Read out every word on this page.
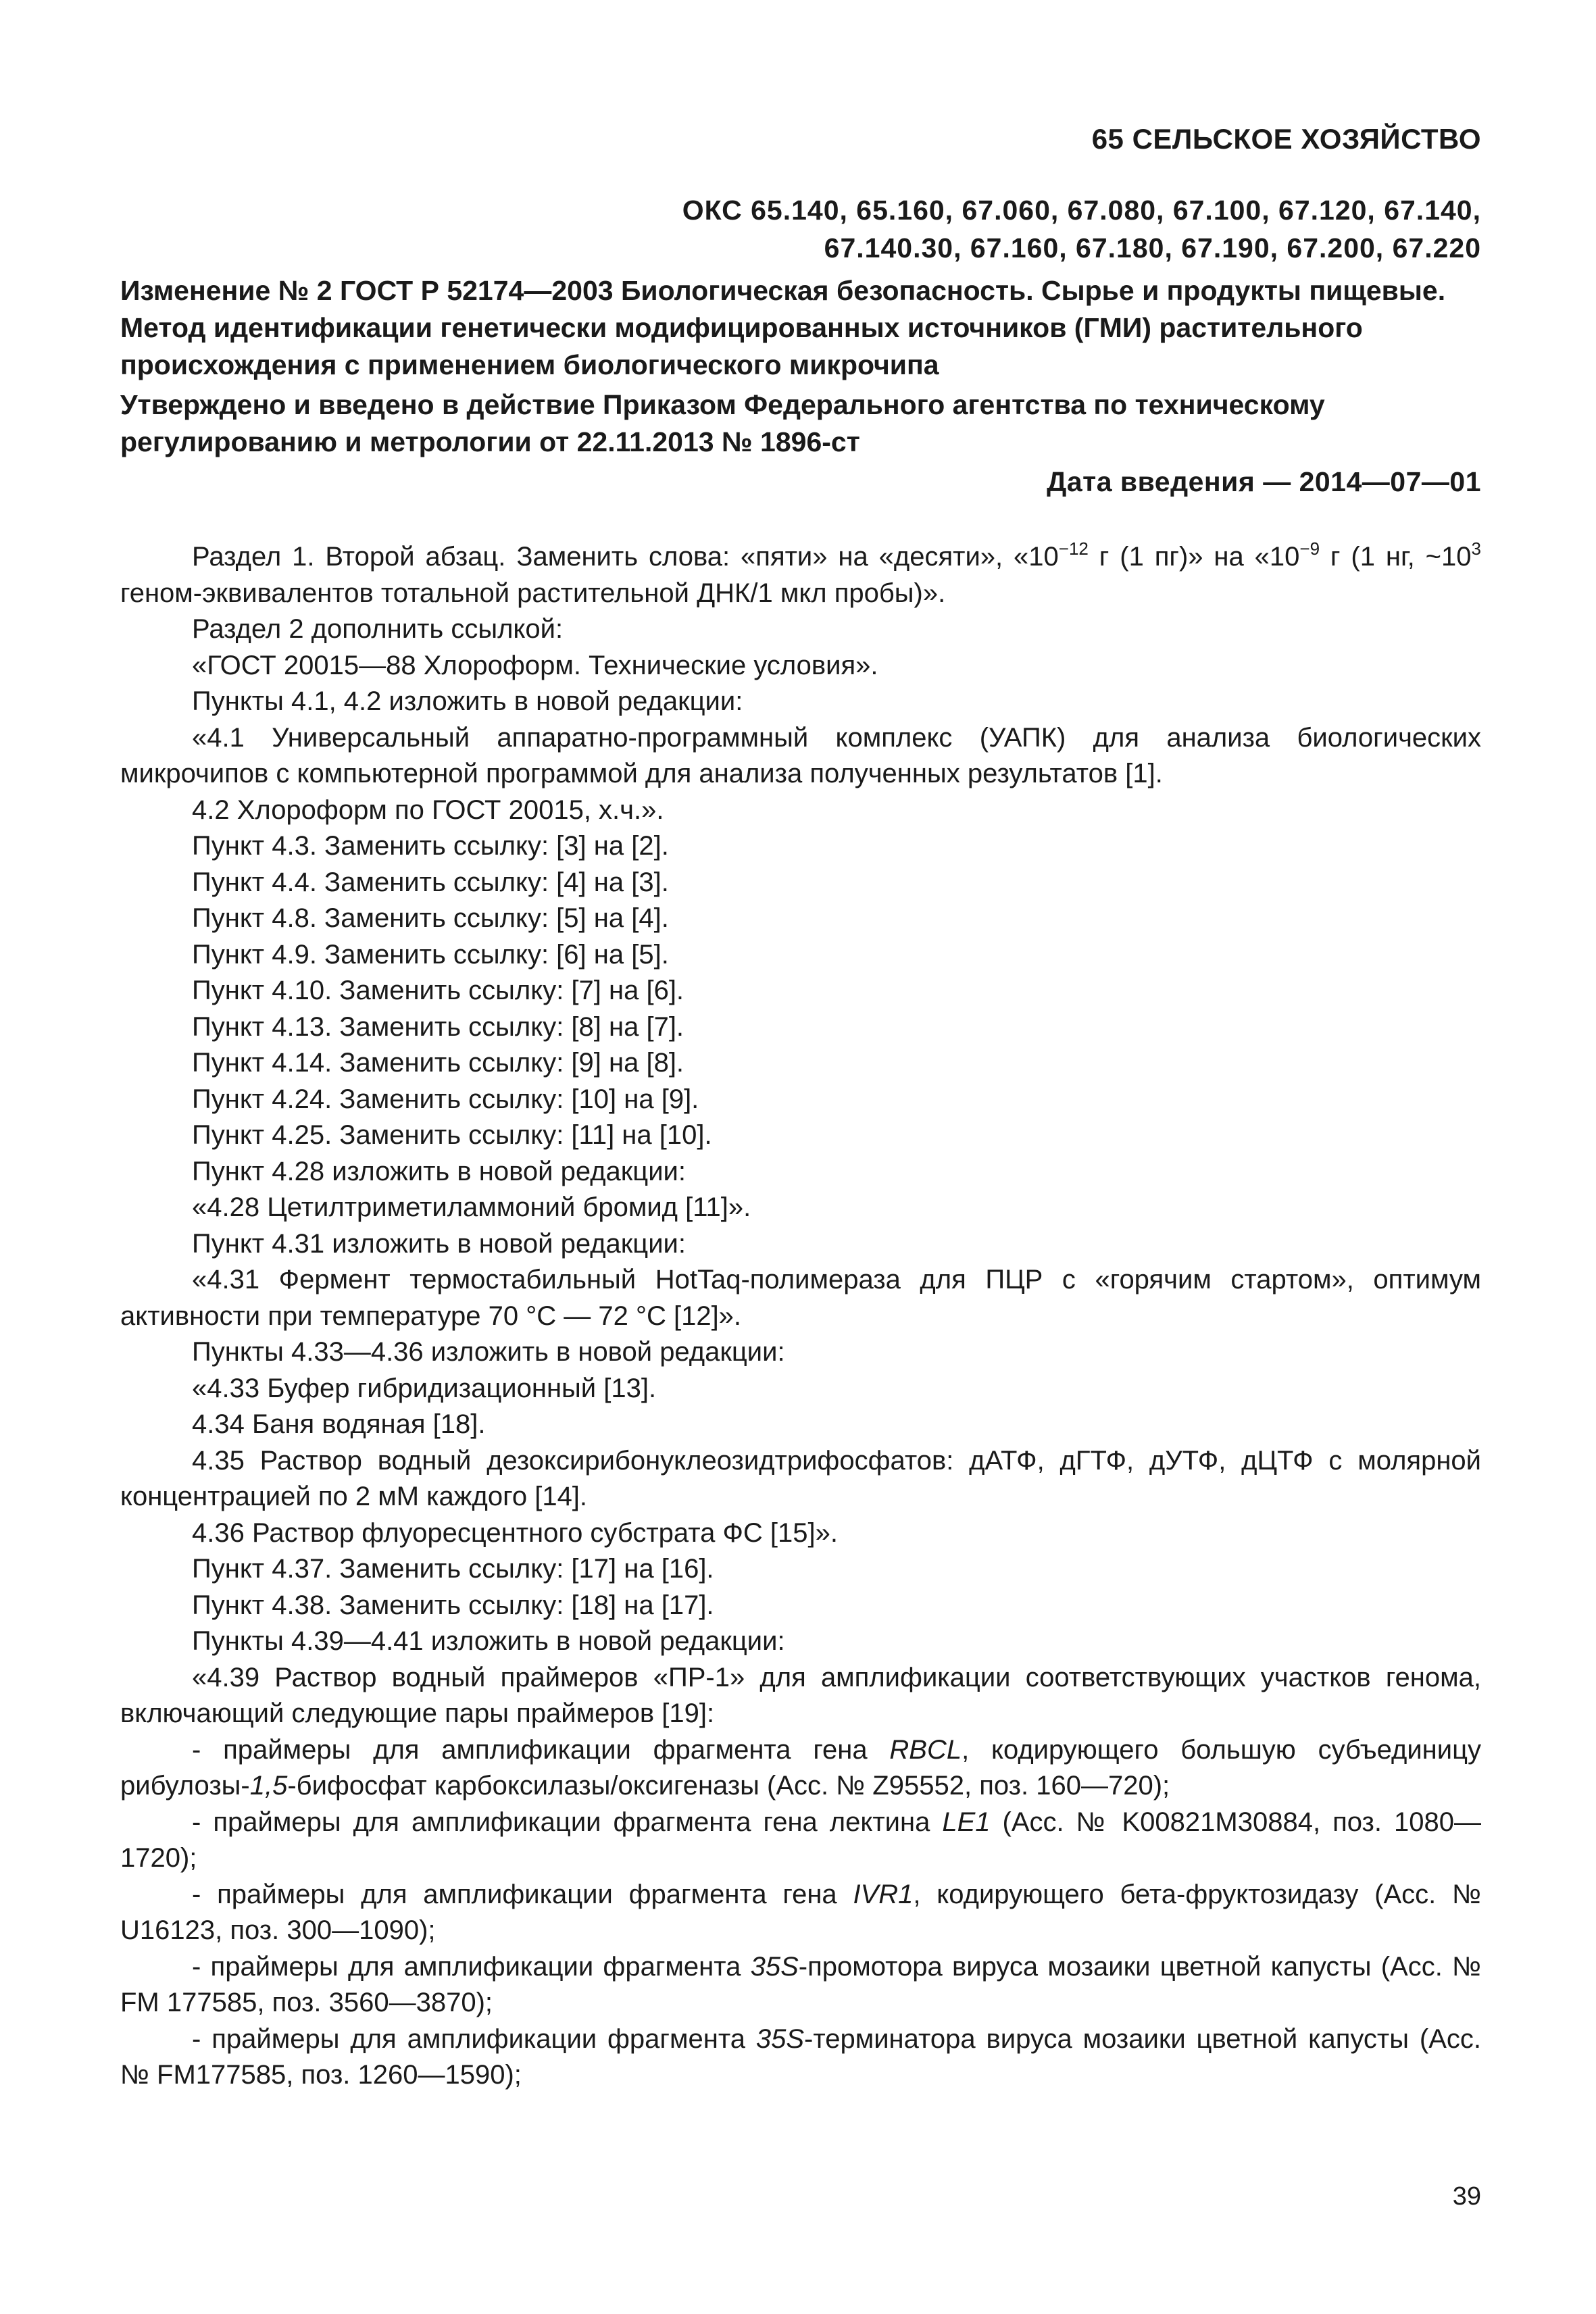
65 СЕЛЬСКОЕ ХОЗЯЙСТВО
ОКС 65.140, 65.160, 67.060, 67.080, 67.100, 67.120, 67.140,
67.140.30, 67.160, 67.180, 67.190, 67.200, 67.220
Изменение № 2 ГОСТ Р 52174—2003 Биологическая безопасность. Сырье и продукты пищевые. Метод идентификации генетически модифицированных источников (ГМИ) растительного происхождения с применением биологического микрочипа
Утверждено и введено в действие Приказом Федерального агентства по техническому регулированию и метрологии от 22.11.2013 № 1896-ст
Дата введения — 2014—07—01

Раздел 1. Второй абзац. Заменить слова: «пяти» на «десяти», «$10^{-12}$ г (1 пг)» на «$10^{-9}$ г (1 нг, $\sim 10^3$ геном-эквивалентов тотальной растительной ДНК/1 мкл пробы)».

Раздел 2 дополнить ссылкой:

«ГОСТ 20015—88 Хлороформ. Технические условия».

Пункты 4.1, 4.2 изложить в новой редакции:

«4.1 Универсальный аппаратно-программный комплекс (УАПК) для анализа биологических микрочипов с компьютерной программой для анализа полученных результатов [1].

4.2 Хлороформ по ГОСТ 20015, х.ч.».

Пункт 4.3. Заменить ссылку: [3] на [2].

Пункт 4.4. Заменить ссылку: [4] на [3].

Пункт 4.8. Заменить ссылку: [5] на [4].

Пункт 4.9. Заменить ссылку: [6] на [5].

Пункт 4.10. Заменить ссылку: [7] на [6].

Пункт 4.13. Заменить ссылку: [8] на [7].

Пункт 4.14. Заменить ссылку: [9] на [8].

Пункт 4.24. Заменить ссылку: [10] на [9].

Пункт 4.25. Заменить ссылку: [11] на [10].

Пункт 4.28 изложить в новой редакции:

«4.28 Цетилтриметиламмоний бромид [11]».

Пункт 4.31 изложить в новой редакции:

«4.31 Фермент термостабильный HotTaq-полимераза для ПЦР с «горячим стартом», оптимум активности при температуре 70 °С — 72 °С [12]».

Пункты 4.33—4.36 изложить в новой редакции:

«4.33 Буфер гибридизационный [13].

4.34 Баня водяная [18].

4.35 Раствор водный дезоксирибонуклеозидтрифосфатов: дАТФ, дГТФ, дУТФ, дЦТФ с молярной концентрацией по 2 мМ каждого [14].

4.36 Раствор флуоресцентного субстрата ФС [15]».

Пункт 4.37. Заменить ссылку: [17] на [16].

Пункт 4.38. Заменить ссылку: [18] на [17].

Пункты 4.39—4.41 изложить в новой редакции:

«4.39 Раствор водный праймеров «ПР-1» для амплификации соответствующих участков генома, включающий следующие пары праймеров [19]:

- праймеры для амплификации фрагмента гена RBCL, кодирующего большую субъединицу рибулозы-1,5-бифосфат карбоксилазы/оксигеназы (Acc. № Z95552, поз. 160—720);

- праймеры для амплификации фрагмента гена лектина LE1 (Acc. № K00821M30884, поз. 1080—1720);

- праймеры для амплификации фрагмента гена IVR1, кодирующего бета-фруктозидазу (Acc. № U16123, поз. 300—1090);

- праймеры для амплификации фрагмента 35S-промотора вируса мозаики цветной капусты (Acc. № FM 177585, поз. 3560—3870);

- праймеры для амплификации фрагмента 35S-терминатора вируса мозаики цветной капусты (Acc. № FM177585, поз. 1260—1590);

39
